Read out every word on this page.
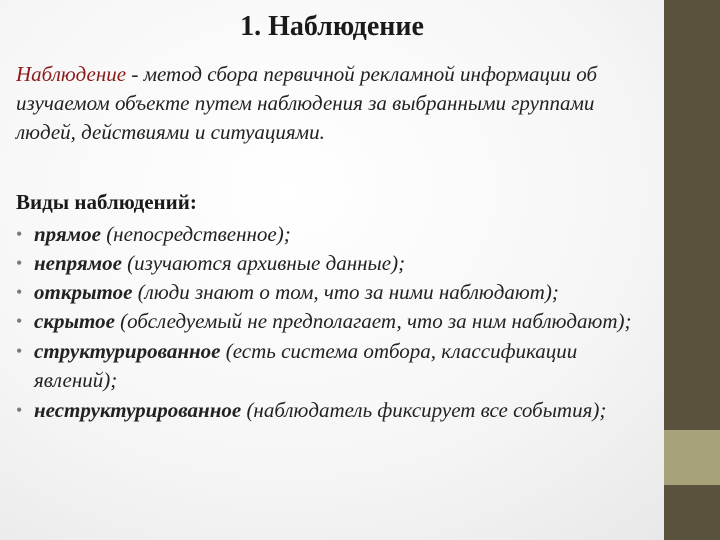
1. Наблюдение
Наблюдение - метод сбора первичной рекламной информации об изучаемом объекте путем наблюдения за выбранными группами людей, действиями и ситуациями.
Виды наблюдений:
• прямое (непосредственное);
• непрямое (изучаются архивные данные);
• открытое (люди знают о том, что за ними наблюдают);
• скрытое (обследуемый не предполагает, что за ним наблюдают);
• структурированное (есть система отбора, классификации явлений);
• неструктурированное (наблюдатель фиксирует все события);
